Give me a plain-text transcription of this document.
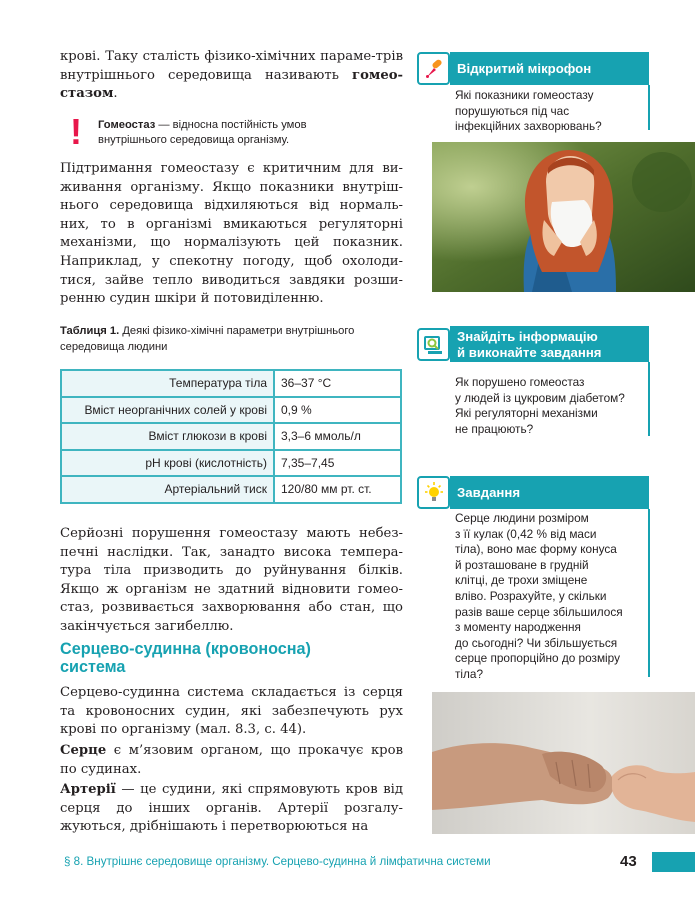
крові. Таку сталість фізико-хімічних параме-трів внутрішнього середовища називають гомео-стазом.
! Гомеостаз — відносна постійність умов
внутрішнього середовища організму.
Підтримання гомеостазу є критичним для ви-живання організму. Якщо показники внутріш-нього середовища відхиляються від нормаль-них, то в організмі вмикаються регуляторні механізми, що нормалізують цей показник. Наприклад, у спекотну погоду, щоб охолоди-тися, зайве тепло виводиться завдяки розши-ренню судин шкіри й потовиділенню.
Таблиця 1. Деякі фізико-хімічні параметри внутрішнього середовища людини
Температура тіла	36–37 °С
Вміст неорганічних солей у крові	0,9 %
Вміст глюкози в крові	3,3–6 ммоль/л
pH крові (кислотність)	7,35–7,45
Артеріальний тиск	120/80 мм рт. ст.
Серйозні порушення гомеостазу мають небез-печні наслідки. Так, занадто висока темпера-тура тіла призводить до руйнування білків. Якщо ж організм не здатний відновити гомео-стаз, розвивається захворювання або стан, що закінчується загибеллю.
Серцево-судинна (кровоносна)
система
Серцево-судинна система складається із серця та кровоносних судин, які забезпечують рух крові по організму (мал. 8.3, с. 44).
Серце є м’язовим органом, що прокачує кров по судинах.
Артерії — це судини, які спрямовують кров від серця до інших органів. Артерії розгалу-жуються, дрібнішають і перетворюються на
Відкритий мікрофон
Які показники гомеостазу
порушуються під час
інфекційних захворювань?
Знайдіть інформацію
й виконайте завдання
Як порушено гомеостаз
у людей із цукровим діабетом?
Які регуляторні механізми
не працюють?
Завдання
Серце людини розміром
з її кулак (0,42 % від маси
тіла), воно має форму конуса
й розташоване в грудній
клітці, де трохи зміщене
вліво. Розрахуйте, у скільки
разів ваше серце збільшилося
з моменту народження
до сьогодні? Чи збільшується
серце пропорційно до розміру
тіла?
§ 8. Внутрішнє середовище організму. Серцево-судинна й лімфатична системи	43
